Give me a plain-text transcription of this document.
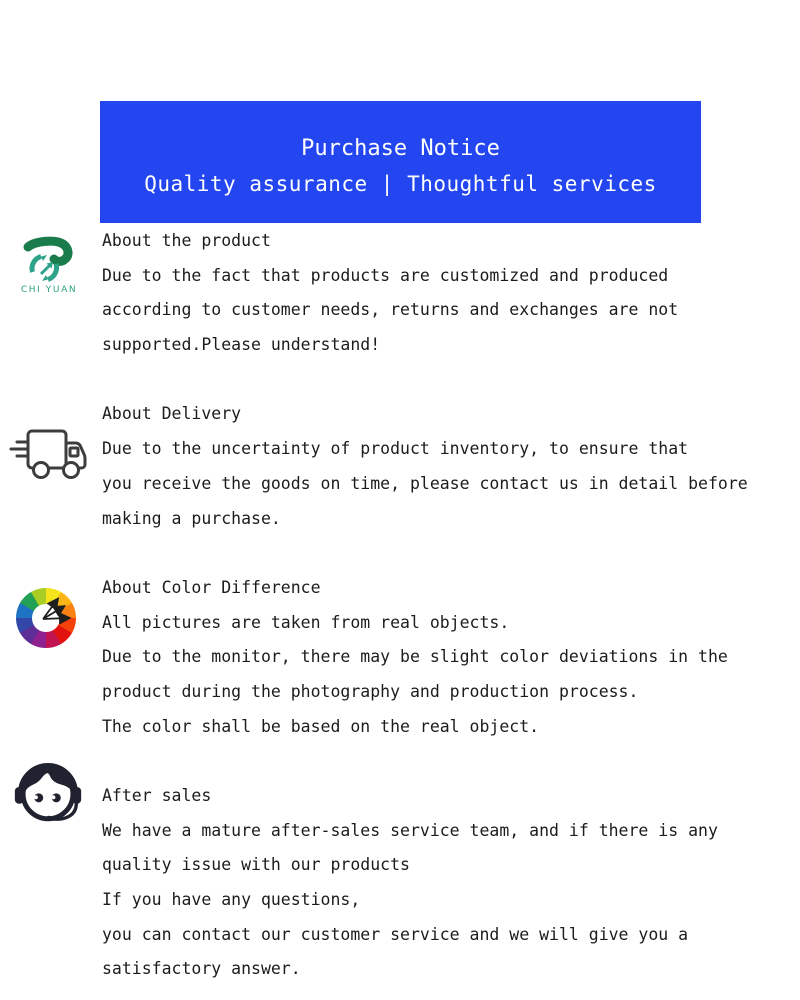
Purchase Notice
Quality assurance | Thoughtful services
CHI YUAN
About the product
Due to the fact that products are customized and produced
according to customer needs, returns and exchanges are not
supported.Please understand!
About Delivery
Due to the uncertainty of product inventory, to ensure that
you receive the goods on time, please contact us in detail before
making a purchase.
About Color Difference
All pictures are taken from real objects.
Due to the monitor, there may be slight color deviations in the
product during the photography and production process.
The color shall be based on the real object.
After sales
We have a mature after-sales service team, and if there is any
quality issue with our products
If you have any questions,
you can contact our customer service and we will give you a
satisfactory answer.
